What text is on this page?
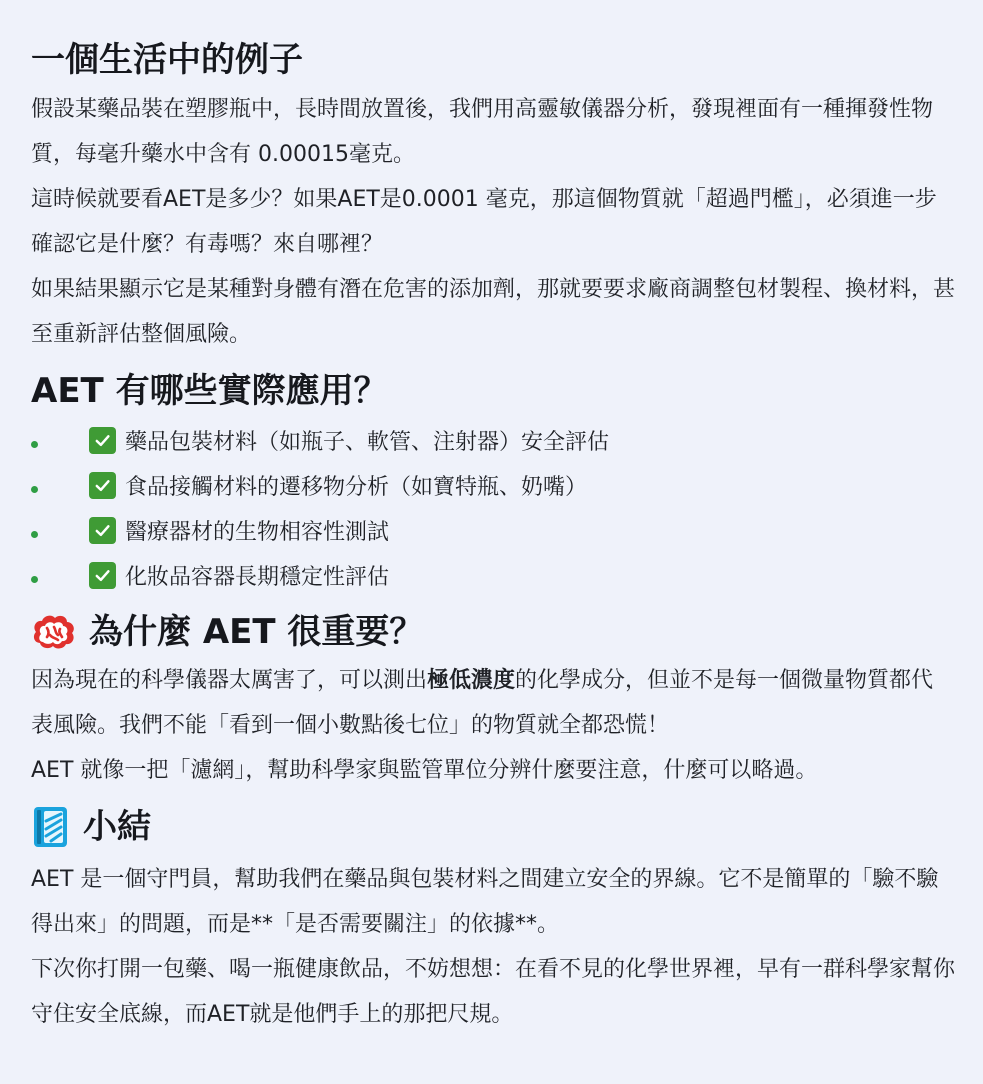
一個生活中的例子

假設某藥品裝在塑膠瓶中，長時間放置後，我們用高靈敏儀器分析，發現裡面有一種揮發性物質，每毫升藥水中含有 0.00015毫克。

這時候就要看AET是多少？如果AET是0.0001 毫克，那這個物質就「超過門檻」，必須進一步確認它是什麼？有毒嗎？來自哪裡？

如果結果顯示它是某種對身體有潛在危害的添加劑，那就要要求廠商調整包材製程、換材料，甚至重新評估整個風險。

AET 有哪些實際應用？
藥品包裝材料（如瓶子、軟管、注射器）安全評估
食品接觸材料的遷移物分析（如寶特瓶、奶嘴）
醫療器材的生物相容性測試
化妝品容器長期穩定性評估
為什麼 AET 很重要？

因為現在的科學儀器太厲害了，可以測出極低濃度的化學成分，但並不是每一個微量物質都代表風險。我們不能「看到一個小數點後七位」的物質就全都恐慌！

AET 就像一把「濾網」，幫助科學家與監管單位分辨什麼要注意，什麼可以略過。

小結

AET 是一個守門員，幫助我們在藥品與包裝材料之間建立安全的界線。它不是簡單的「驗不驗得出來」的問題，而是**「是否需要關注」的依據**。

下次你打開一包藥、喝一瓶健康飲品，不妨想想：在看不見的化學世界裡，早有一群科學家幫你守住安全底線，而AET就是他們手上的那把尺規。
